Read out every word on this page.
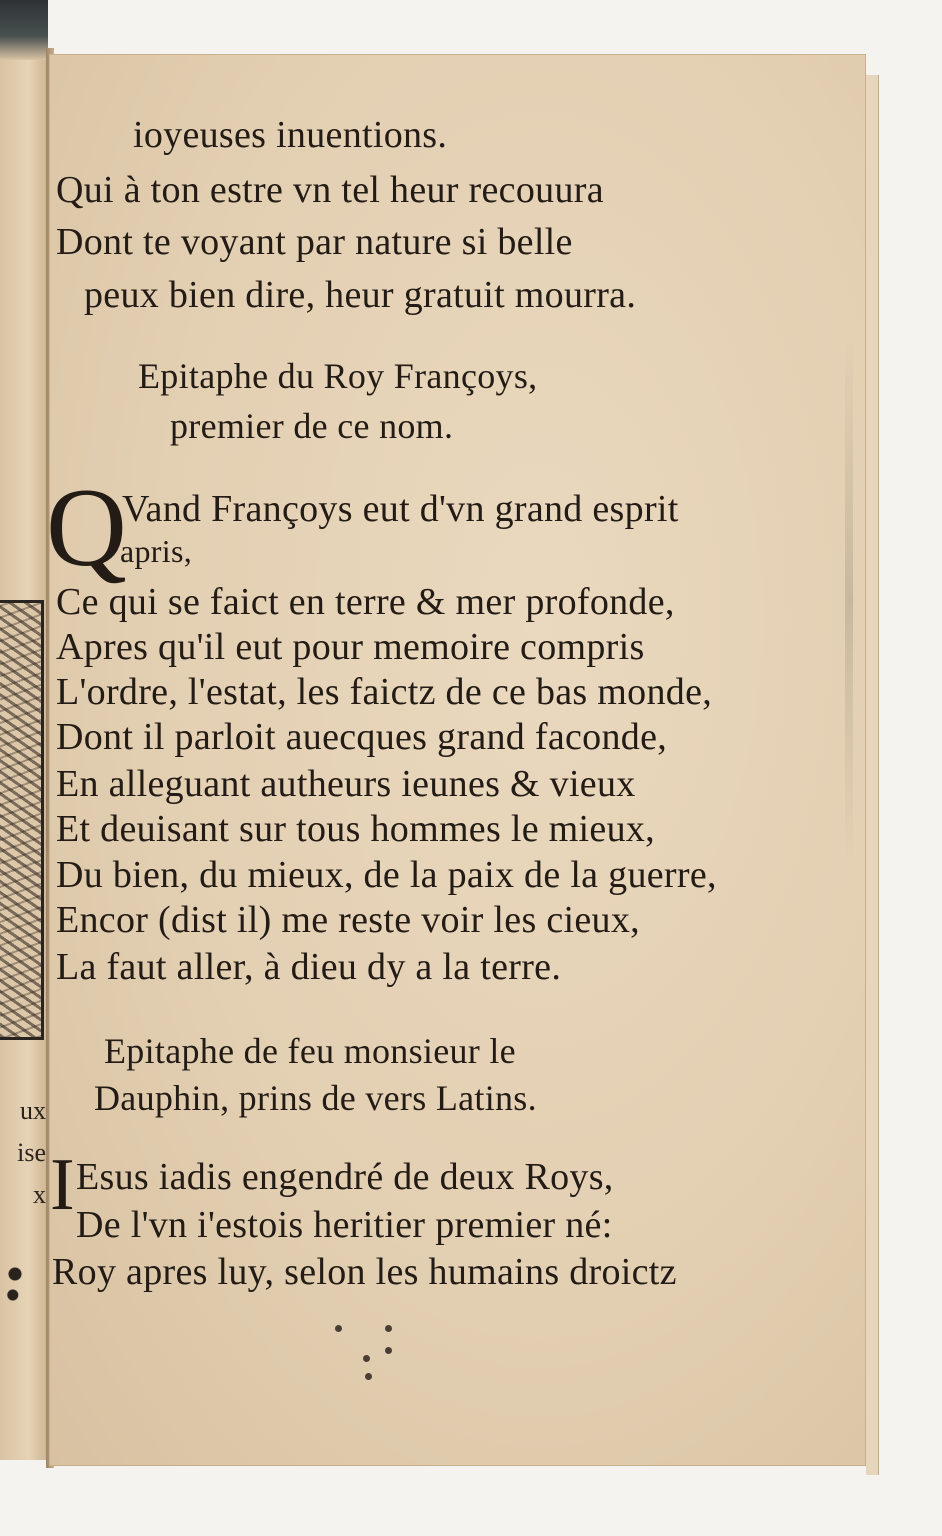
ux
ise
x
ioyeuses inuentions.
Qui à ton estre vn tel heur recouura
Dont te voyant par nature si belle
peux bien dire, heur gratuit mourra.
Epitaphe du Roy Françoys,
premier de ce nom.
Q
Vand Françoys eut d'vn grand esprit
apris,
Ce qui se faict en terre & mer profonde,
Apres qu'il eut pour memoire compris
L'ordre, l'estat, les faictz de ce bas monde,
Dont il parloit auecques grand faconde,
En alleguant autheurs ieunes & vieux
Et deuisant sur tous hommes le mieux,
Du bien, du mieux, de la paix de la guerre,
Encor (dist il) me reste voir les cieux,
La faut aller, à dieu dy a la terre.
Epitaphe de feu monsieur le
Dauphin, prins de vers Latins.
I Esus iadis engendré de deux Roys,
De l'vn i'estois heritier premier né:
Roy apres luy, selon les humains droictz
